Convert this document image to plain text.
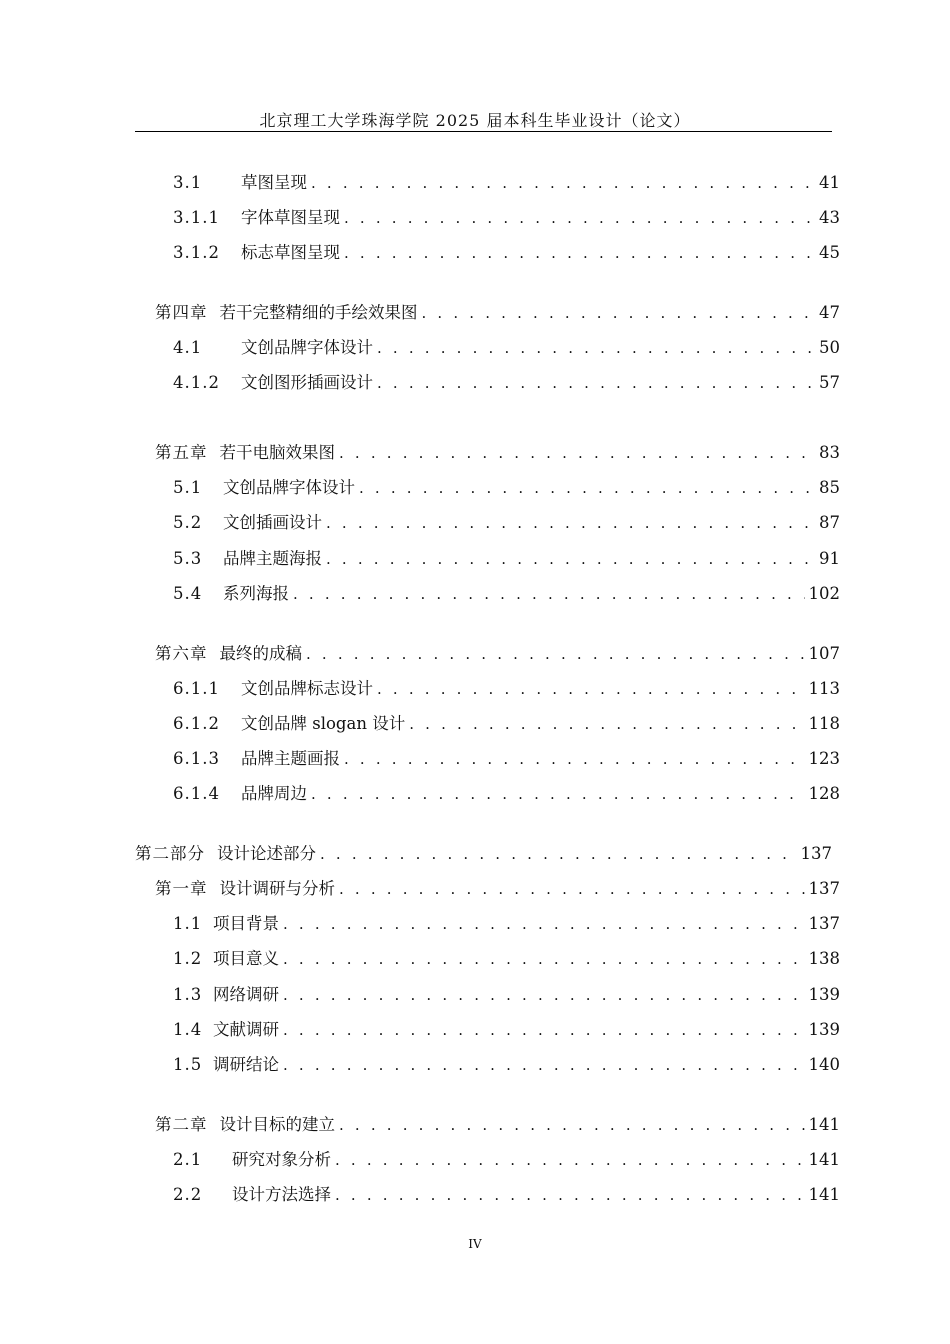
北京理工大学珠海学院 2025 届本科生毕业设计（论文）
3.1	草图呈现 . . .	41
3.1.1	字体草图呈现 . . .	43
3.1.2	标志草图呈现 . . .	45
第四章 若干完整精细的手绘效果图 . . .	47
4.1	文创品牌字体设计 . . .	50
4.1.2	文创图形插画设计 . . .	57
第五章 若干电脑效果图 . . .	83
5.1	文创品牌字体设计 . . .	85
5.2	文创插画设计 . . .	87
5.3	品牌主题海报 . . .	91
5.4	系列海报 . . .	102
第六章 最终的成稿 . . .	107
6.1.1	文创品牌标志设计 . . .	113
6.1.2	文创品牌 slogan 设计 . . .	118
6.1.3	品牌主题画报 . . .	123
6.1.4	品牌周边 . . .	128
第二部分 设计论述部分 . . .	137
第一章 设计调研与分析 . . .	137
1.1 项目背景 . . .	137
1.2 项目意义 . . .	138
1.3 网络调研 . . .	139
1.4 文献调研 . . .	139
1.5 调研结论 . . .	140
第二章 设计目标的建立 . . .	141
2.1	研究对象分析 . . .	141
2.2	设计方法选择 . . .	141
IV
